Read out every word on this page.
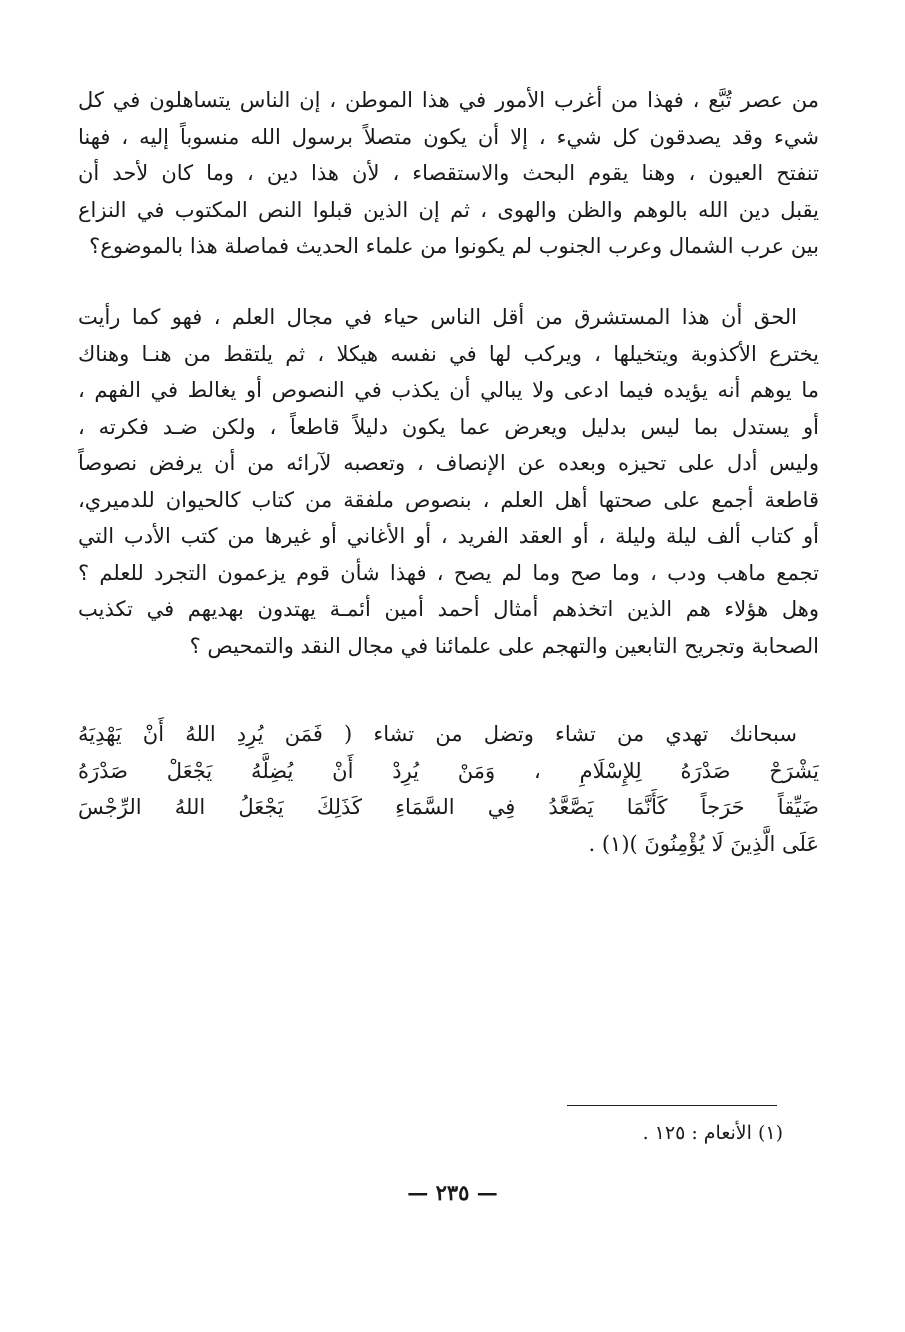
من عصر تُبَّع ، فهذا من أغرب الأمور في هذا الموطن ، إن الناس يتساهلون في كل
شيء وقد يصدقون كل شيء ، إلا أن يكون متصلاً برسول الله منسوباً إليه ، فهنا
تنفتح العيون ، وهنا يقوم البحث والاستقصاء ، لأن هذا دين ، وما كان لأحد أن
يقبل دين الله بالوهم والظن والهوى ، ثم إن الذين قبلوا النص المكتوب في النزاع
بين عرب الشمال وعرب الجنوب لم يكونوا من علماء الحديث فماصلة هذا بالموضوع؟
الحق أن هذا المستشرق من أقل الناس حياء في مجال العلم ، فهو كما رأيت
يخترع الأكذوبة ويتخيلها ، ويركب لها في نفسه هيكلا ، ثم يلتقط من هنـا وهناك
ما يوهم أنه يؤيده فيما ادعى ولا يبالي أن يكذب في النصوص أو يغالط في الفهم ،
أو يستدل بما ليس بدليل ويعرض عما يكون دليلاً قاطعاً ، ولكن ضـد فكرته ،
وليس أدل على تحيزه وبعده عن الإنصاف ، وتعصبه لآرائه من أن يرفض نصوصاً
قاطعة أجمع على صحتها أهل العلم ، بنصوص ملفقة من كتاب كالحيوان للدميري،
أو كتاب ألف ليلة وليلة ، أو العقد الفريد ، أو الأغاني أو غيرها من كتب الأدب التي
تجمع ماهب ودب ، وما صح وما لم يصح ، فهذا شأن قوم يزعمون التجرد للعلم ؟
وهل هؤلاء هم الذين اتخذهم أمثال أحمد أمين أئمـة يهتدون بهديهم في تكذيب
الصحابة وتجريح التابعين والتهجم على علمائنا في مجال النقد والتمحيص ؟
سبحانك تهدي من تشاء وتضل من تشاء ( فَمَن يُرِدِ اللهُ أَنْ يَهْدِيَهُ
يَشْرَحْ صَدْرَهُ لِلإِسْلَامِ ، وَمَنْ يُرِدْ أَنْ يُضِلَّهُ يَجْعَلْ صَدْرَهُ
ضَيِّقاً حَرَجاً كَأَنَّمَا يَصَّعَّدُ فِي السَّمَاءِ كَذَلِكَ يَجْعَلُ اللهُ الرِّجْسَ
عَلَى الَّذِينَ لَا يُؤْمِنُونَ )(١) .
(١) الأنعام : ١٢٥ .
— ٢٣٥ —
